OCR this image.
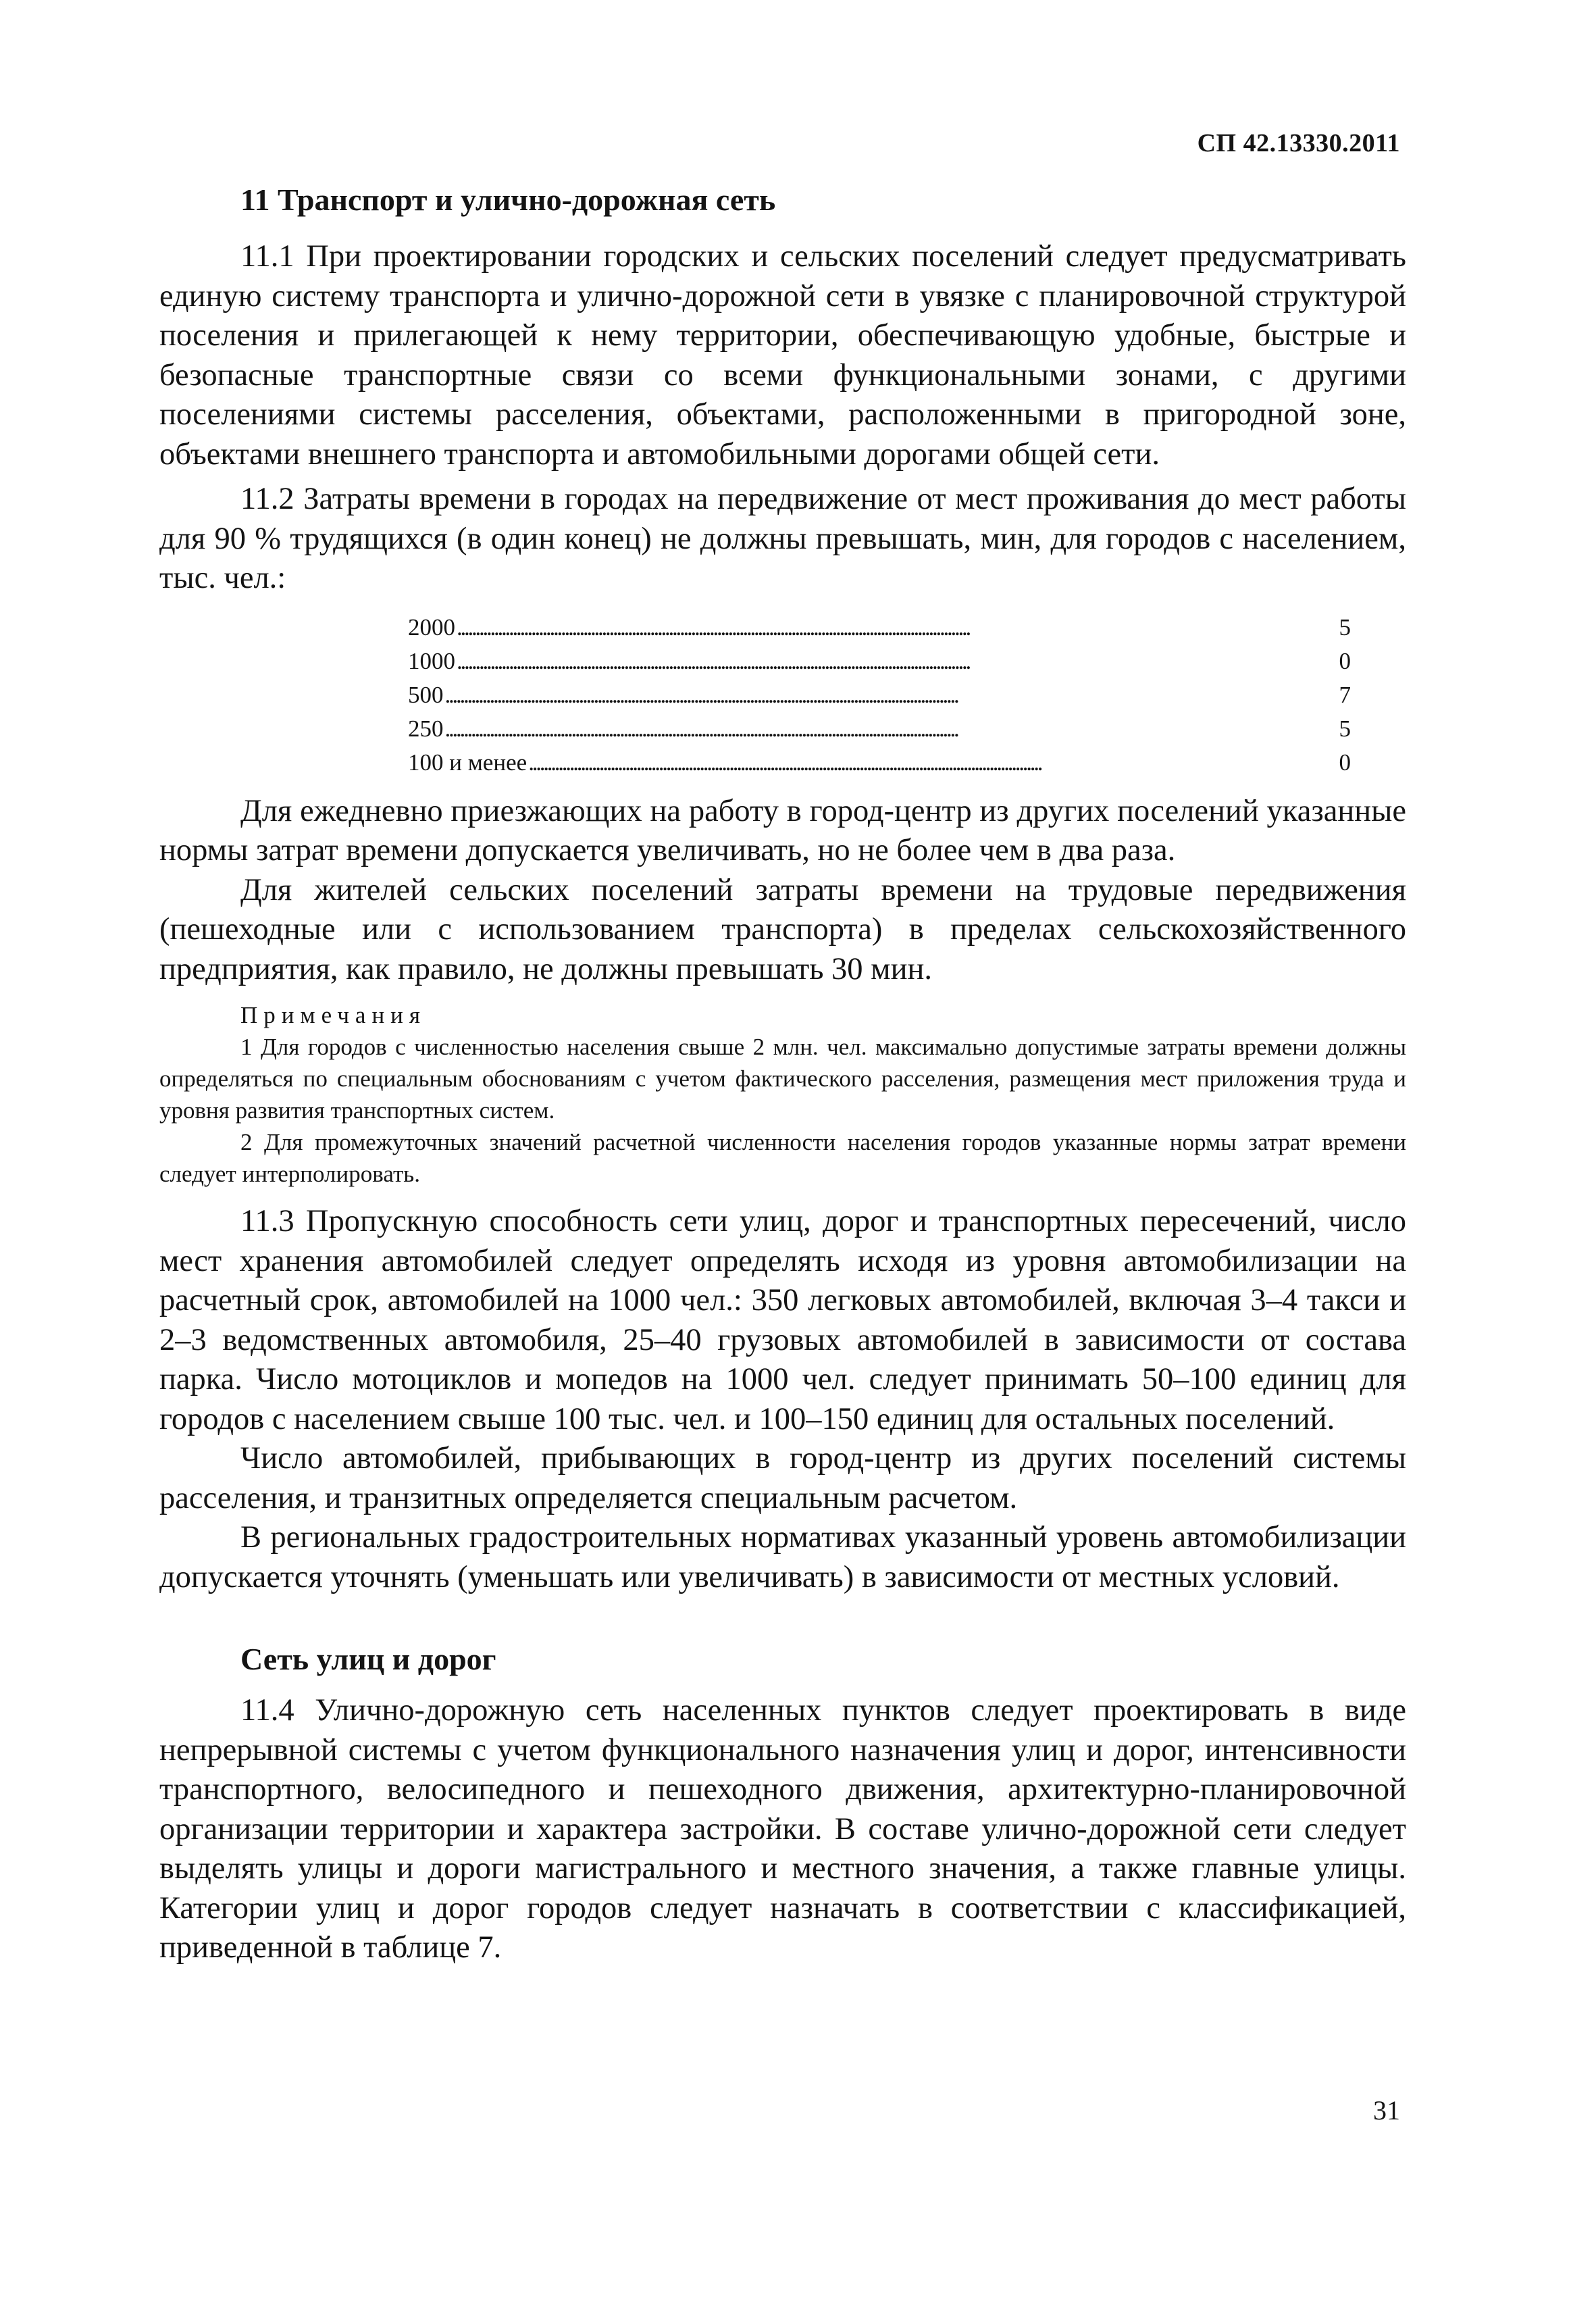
СП 42.13330.2011
11 Транспорт и улично-дорожная сеть

11.1 При проектировании городских и сельских поселений следует предусматривать единую систему транспорта и улично-дорожной сети в увязке с планировочной структурой поселения и прилегающей к нему территории, обеспечивающую удобные, быстрые и безопасные транспортные связи со всеми функциональными зонами, с другими поселениями системы расселения, объектами, расположенными в пригородной зоне, объектами внешнего транспорта и автомобильными дорогами общей сети.

11.2 Затраты времени в городах на передвижение от мест проживания до мест работы для 90 % трудящихся (в один конец) не должны превышать, мин, для городов с населением, тыс. чел.:

2000 . . .	5
1000 . . .	0
500 . . .	7
250 . . .	5
100 и менее . . .	0

Для ежедневно приезжающих на работу в город-центр из других поселений указанные нормы затрат времени допускается увеличивать, но не более чем в два раза.

Для жителей сельских поселений затраты времени на трудовые передвижения (пешеходные или с использованием транспорта) в пределах сельскохозяйственного предприятия, как правило, не должны превышать 30 мин.

Примечания

1 Для городов с численностью населения свыше 2 млн. чел. максимально допустимые затраты времени должны определяться по специальным обоснованиям с учетом фактического расселения, размещения мест приложения труда и уровня развития транспортных систем.

2 Для промежуточных значений расчетной численности населения городов указанные нормы затрат времени следует интерполировать.

11.3 Пропускную способность сети улиц, дорог и транспортных пересечений, число мест хранения автомобилей следует определять исходя из уровня автомобилизации на расчетный срок, автомобилей на 1000 чел.: 350 легковых автомобилей, включая 3–4 такси и 2–3 ведомственных автомобиля, 25–40 грузовых автомобилей в зависимости от состава парка. Число мотоциклов и мопедов на 1000 чел. следует принимать 50–100 единиц для городов с населением свыше 100 тыс. чел. и 100–150 единиц для остальных поселений.

Число автомобилей, прибывающих в город-центр из других поселений системы расселения, и транзитных определяется специальным расчетом.

В региональных градостроительных нормативах указанный уровень автомобилизации допускается уточнять (уменьшать или увеличивать) в зависимости от местных условий.

Сеть улиц и дорог

11.4 Улично-дорожную сеть населенных пунктов следует проектировать в виде непрерывной системы с учетом функционального назначения улиц и дорог, интенсивности транспортного, велосипедного и пешеходного движения, архитектурно-планировочной организации территории и характера застройки. В составе улично-дорожной сети следует выделять улицы и дороги магистрального и местного значения, а также главные улицы. Категории улиц и дорог городов следует назначать в соответствии с классификацией, приведенной в таблице 7.

31
